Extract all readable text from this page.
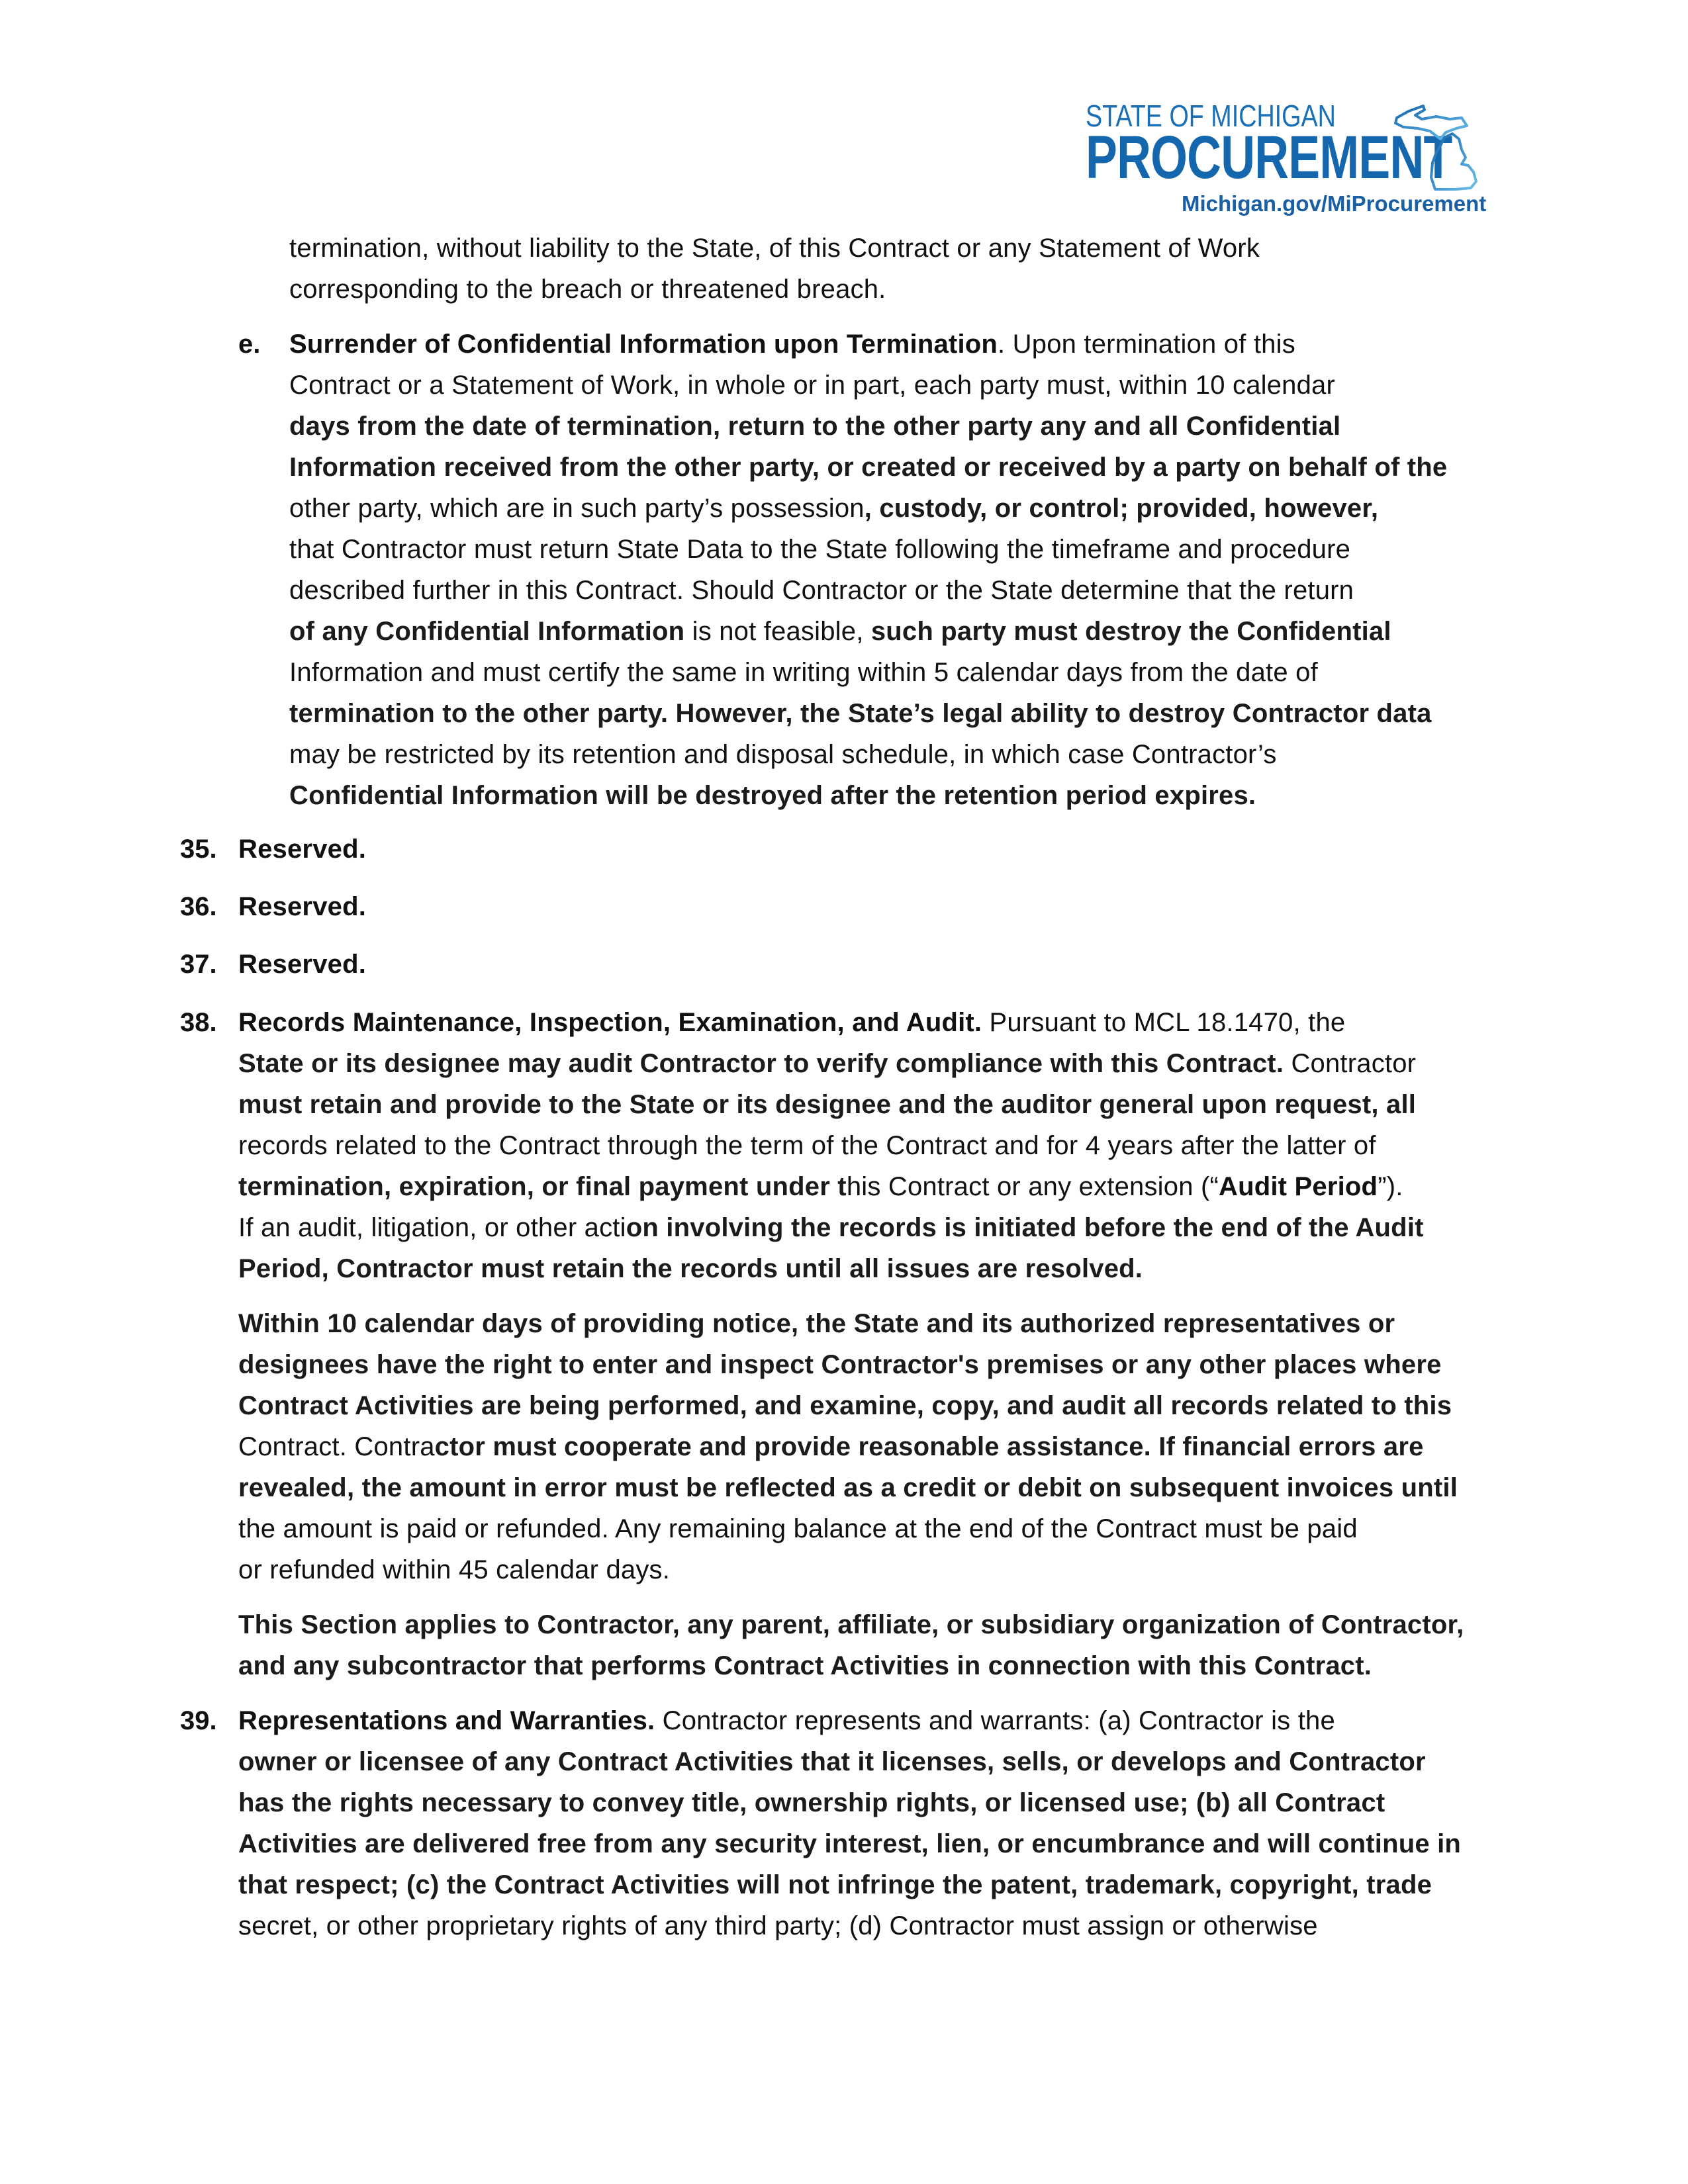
STATE OF MICHIGAN
PROCUREMENT
Michigan.gov/MiProcurement
termination, without liability to the State, of this Contract or any Statement of Work
corresponding to the breach or threatened breach.
e. Surrender of Confidential Information upon Termination. Upon termination of this
Contract or a Statement of Work, in whole or in part, each party must, within 10 calendar
days from the date of termination, return to the other party any and all Confidential
Information received from the other party, or created or received by a party on behalf of the
other party, which are in such party’s possession, custody, or control; provided, however,
that Contractor must return State Data to the State following the timeframe and procedure
described further in this Contract. Should Contractor or the State determine that the return
of any Confidential Information is not feasible, such party must destroy the Confidential
Information and must certify the same in writing within 5 calendar days from the date of
termination to the other party. However, the State’s legal ability to destroy Contractor data
may be restricted by its retention and disposal schedule, in which case Contractor’s
Confidential Information will be destroyed after the retention period expires.
35. Reserved.
36. Reserved.
37. Reserved.
38. Records Maintenance, Inspection, Examination, and Audit. Pursuant to MCL 18.1470, the
State or its designee may audit Contractor to verify compliance with this Contract. Contractor
must retain and provide to the State or its designee and the auditor general upon request, all
records related to the Contract through the term of the Contract and for 4 years after the latter of
termination, expiration, or final payment under this Contract or any extension (“Audit Period”).
If an audit, litigation, or other action involving the records is initiated before the end of the Audit
Period, Contractor must retain the records until all issues are resolved.
Within 10 calendar days of providing notice, the State and its authorized representatives or
designees have the right to enter and inspect Contractor's premises or any other places where
Contract Activities are being performed, and examine, copy, and audit all records related to this
Contract. Contractor must cooperate and provide reasonable assistance. If financial errors are
revealed, the amount in error must be reflected as a credit or debit on subsequent invoices until
the amount is paid or refunded. Any remaining balance at the end of the Contract must be paid
or refunded within 45 calendar days.
This Section applies to Contractor, any parent, affiliate, or subsidiary organization of Contractor,
and any subcontractor that performs Contract Activities in connection with this Contract.
39. Representations and Warranties. Contractor represents and warrants: (a) Contractor is the
owner or licensee of any Contract Activities that it licenses, sells, or develops and Contractor
has the rights necessary to convey title, ownership rights, or licensed use; (b) all Contract
Activities are delivered free from any security interest, lien, or encumbrance and will continue in
that respect; (c) the Contract Activities will not infringe the patent, trademark, copyright, trade
secret, or other proprietary rights of any third party; (d) Contractor must assign or otherwise
